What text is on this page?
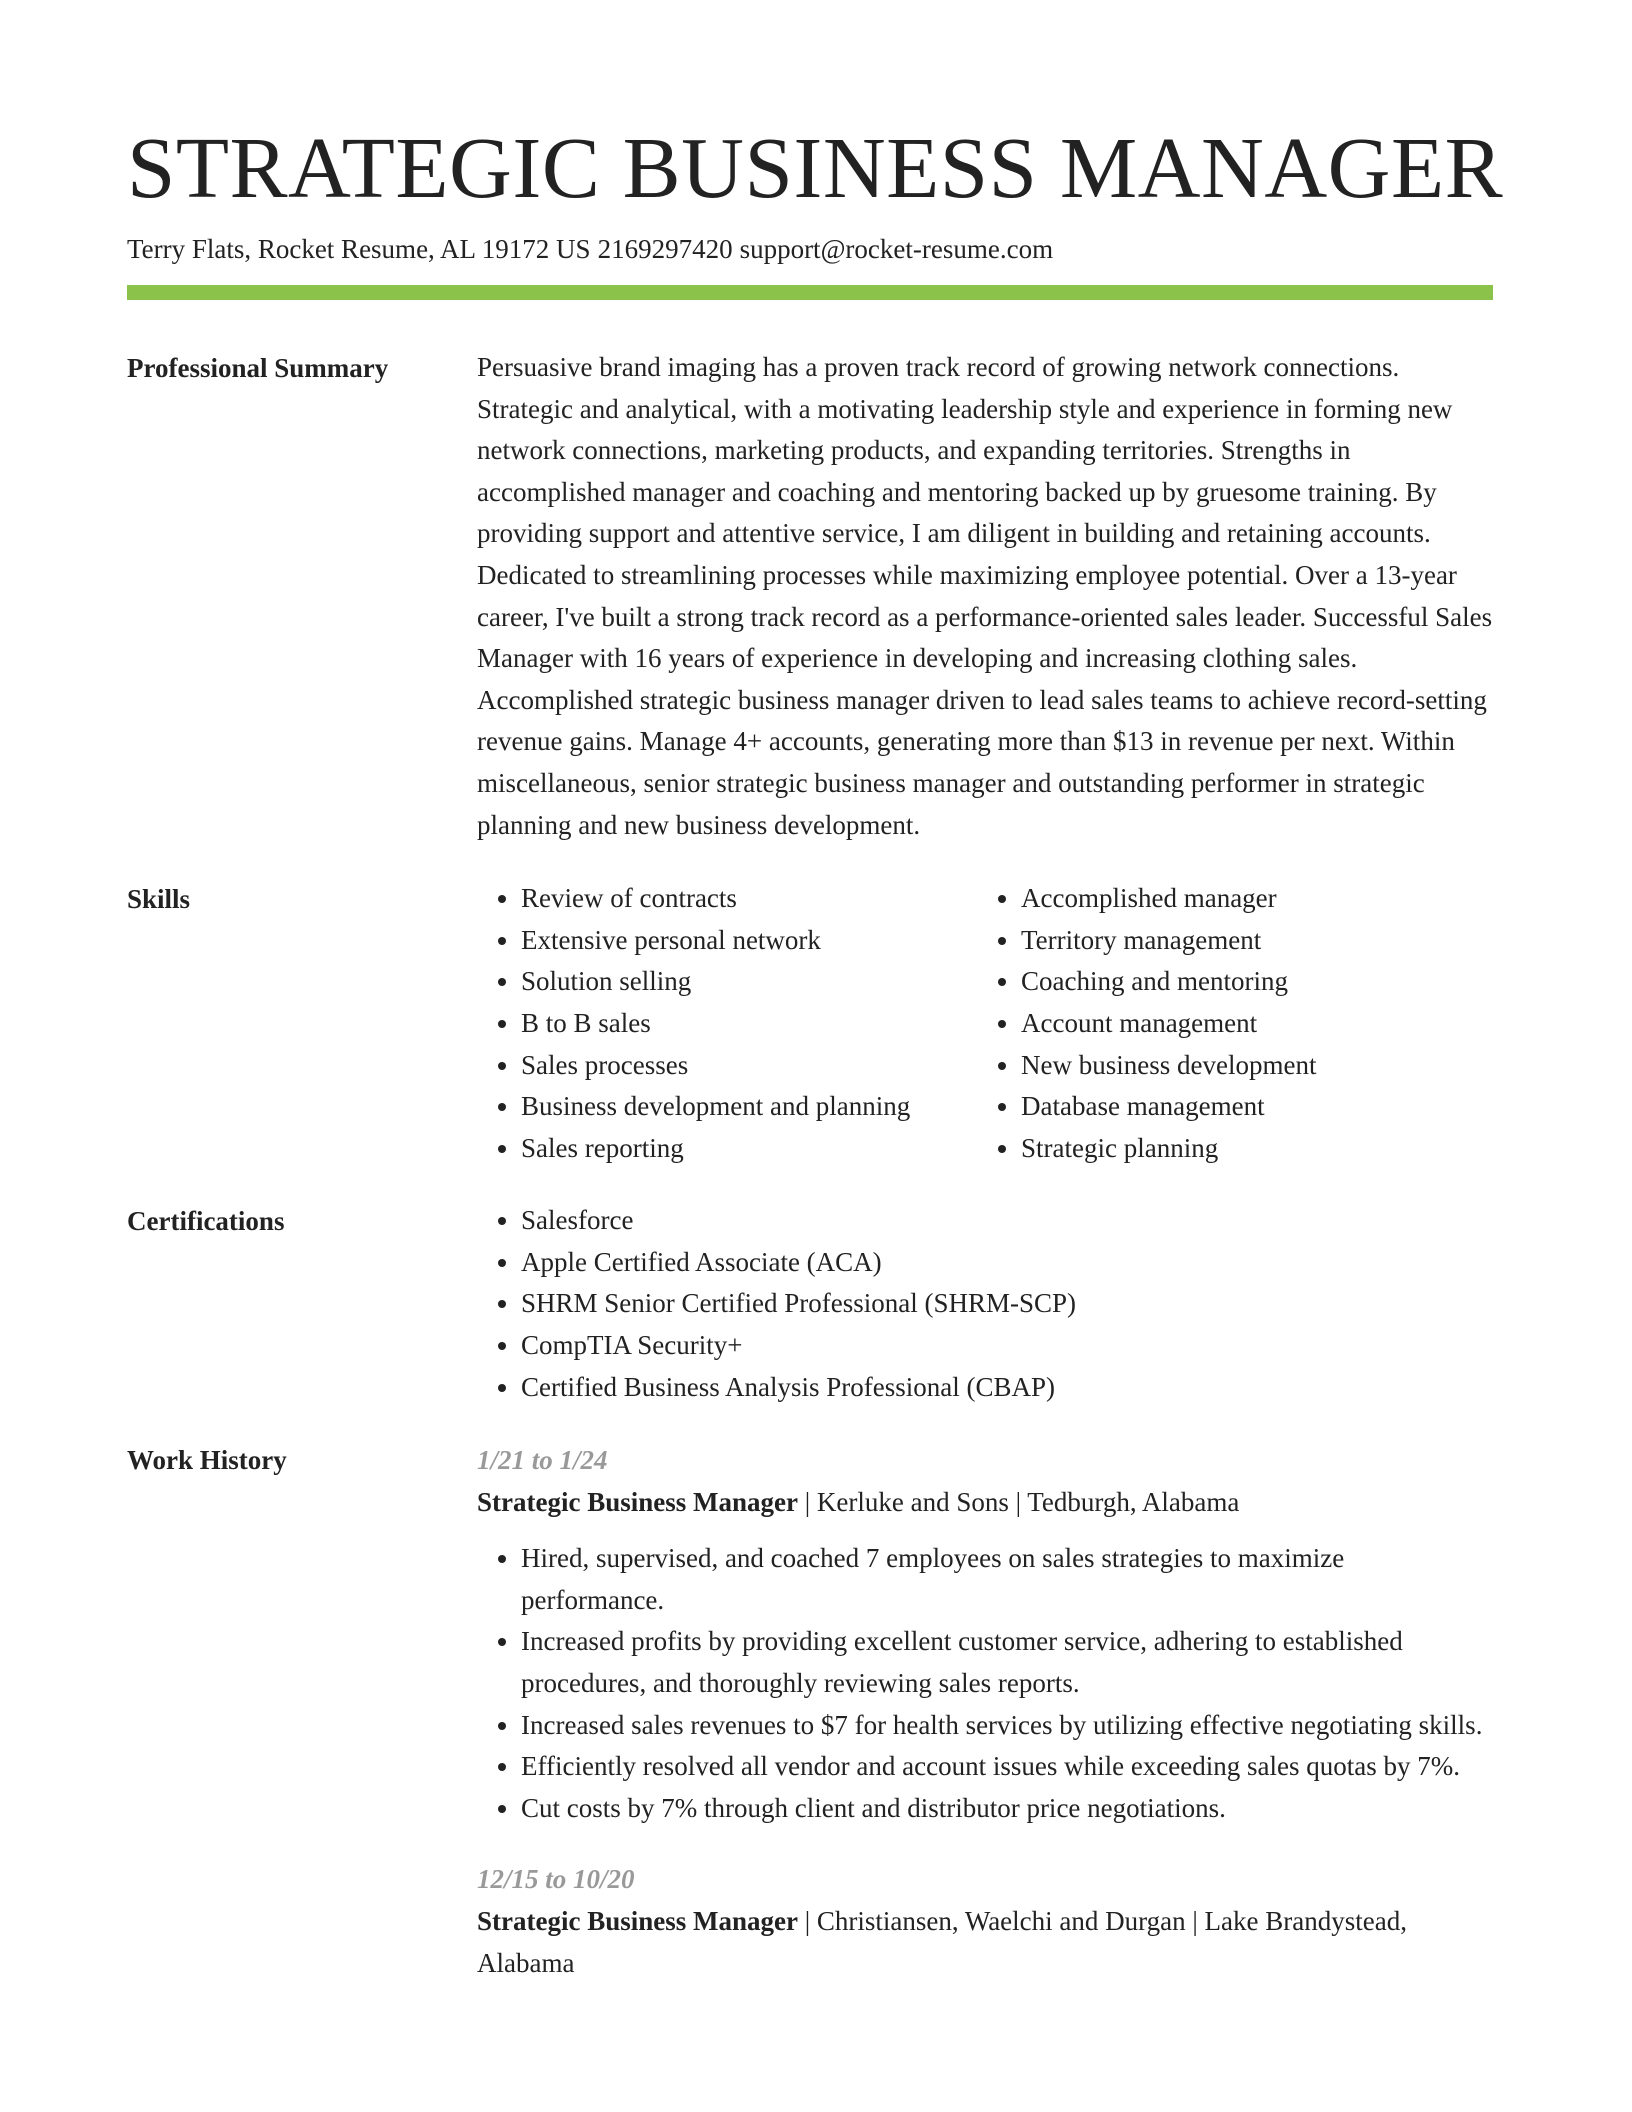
STRATEGIC BUSINESS MANAGER
Terry Flats, Rocket Resume, AL 19172 US 2169297420 support@rocket-resume.com
Professional Summary	Persuasive brand imaging has a proven track record of growing network connections. Strategic and analytical, with a motivating leadership style and experience in forming new network connections, marketing products, and expanding territories. Strengths in accomplished manager and coaching and mentoring backed up by gruesome training. By providing support and attentive service, I am diligent in building and retaining accounts. Dedicated to streamlining processes while maximizing employee potential. Over a 13-year career, I've built a strong track record as a performance-oriented sales leader. Successful Sales Manager with 16 years of experience in developing and increasing clothing sales. Accomplished strategic business manager driven to lead sales teams to achieve record-setting revenue gains. Manage 4+ accounts, generating more than $13 in revenue per next. Within miscellaneous, senior strategic business manager and outstanding performer in strategic planning and new business development.

Skills	• Review of contracts
• Extensive personal network
• Solution selling
• B to B sales
• Sales processes
• Business development and planning
• Sales reporting
• Accomplished manager
• Territory management
• Coaching and mentoring
• Account management
• New business development
• Database management
• Strategic planning
Certifications	• Salesforce
• Apple Certified Associate (ACA)
• SHRM Senior Certified Professional (SHRM-SCP)
• CompTIA Security+
• Certified Business Analysis Professional (CBAP)
Work History	1/21 to 1/24
Strategic Business Manager | Kerluke and Sons | Tedburgh, Alabama
• Hired, supervised, and coached 7 employees on sales strategies to maximize performance.
• Increased profits by providing excellent customer service, adhering to established procedures, and thoroughly reviewing sales reports.
• Increased sales revenues to $7 for health services by utilizing effective negotiating skills.
• Efficiently resolved all vendor and account issues while exceeding sales quotas by 7%.
• Cut costs by 7% through client and distributor price negotiations.
12/15 to 10/20
Strategic Business Manager | Christiansen, Waelchi and Durgan | Lake Brandystead, Alabama
